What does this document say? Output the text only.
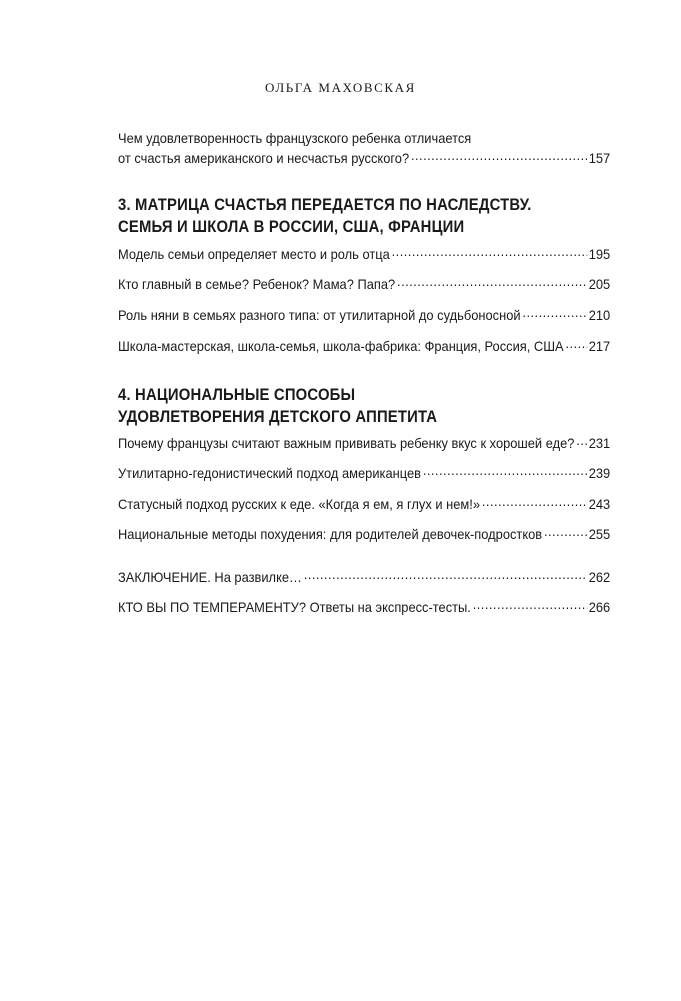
ОЛЬГА МАХОВСКАЯ
Чем удовлетворенность французского ребенка отличается
от счастья американского и несчастья русского? .....	157
3. МАТРИЦА СЧАСТЬЯ ПЕРЕДАЕТСЯ ПО НАСЛЕДСТВУ.
СЕМЬЯ И ШКОЛА В РОССИИ, США, ФРАНЦИИ
Модель семьи определяет место и роль отца .....	195
Кто главный в семье? Ребенок? Мама? Папа? .....	205
Роль няни в семьях разного типа: от утилитарной до судьбоносной .....	210
Школа-мастерская, школа-семья, школа-фабрика: Франция, Россия, США ..... 217
4. НАЦИОНАЛЬНЫЕ СПОСОБЫ
УДОВЛЕТВОРЕНИЯ ДЕТСКОГО АППЕТИТА
Почему французы считают важным прививать ребенку вкус к хорошей еде? ..... 231
Утилитарно-гедонистический подход американцев .....	239
Статусный подход русских к еде. «Когда я ем, я глух и нем!» .....	243
Национальные методы похудения: для родителей девочек-подростков .....	255
ЗАКЛЮЧЕНИЕ. На развилке… .....	262
КТО ВЫ ПО ТЕМПЕРАМЕНТУ? Ответы на экспресс-тесты. .....	266
